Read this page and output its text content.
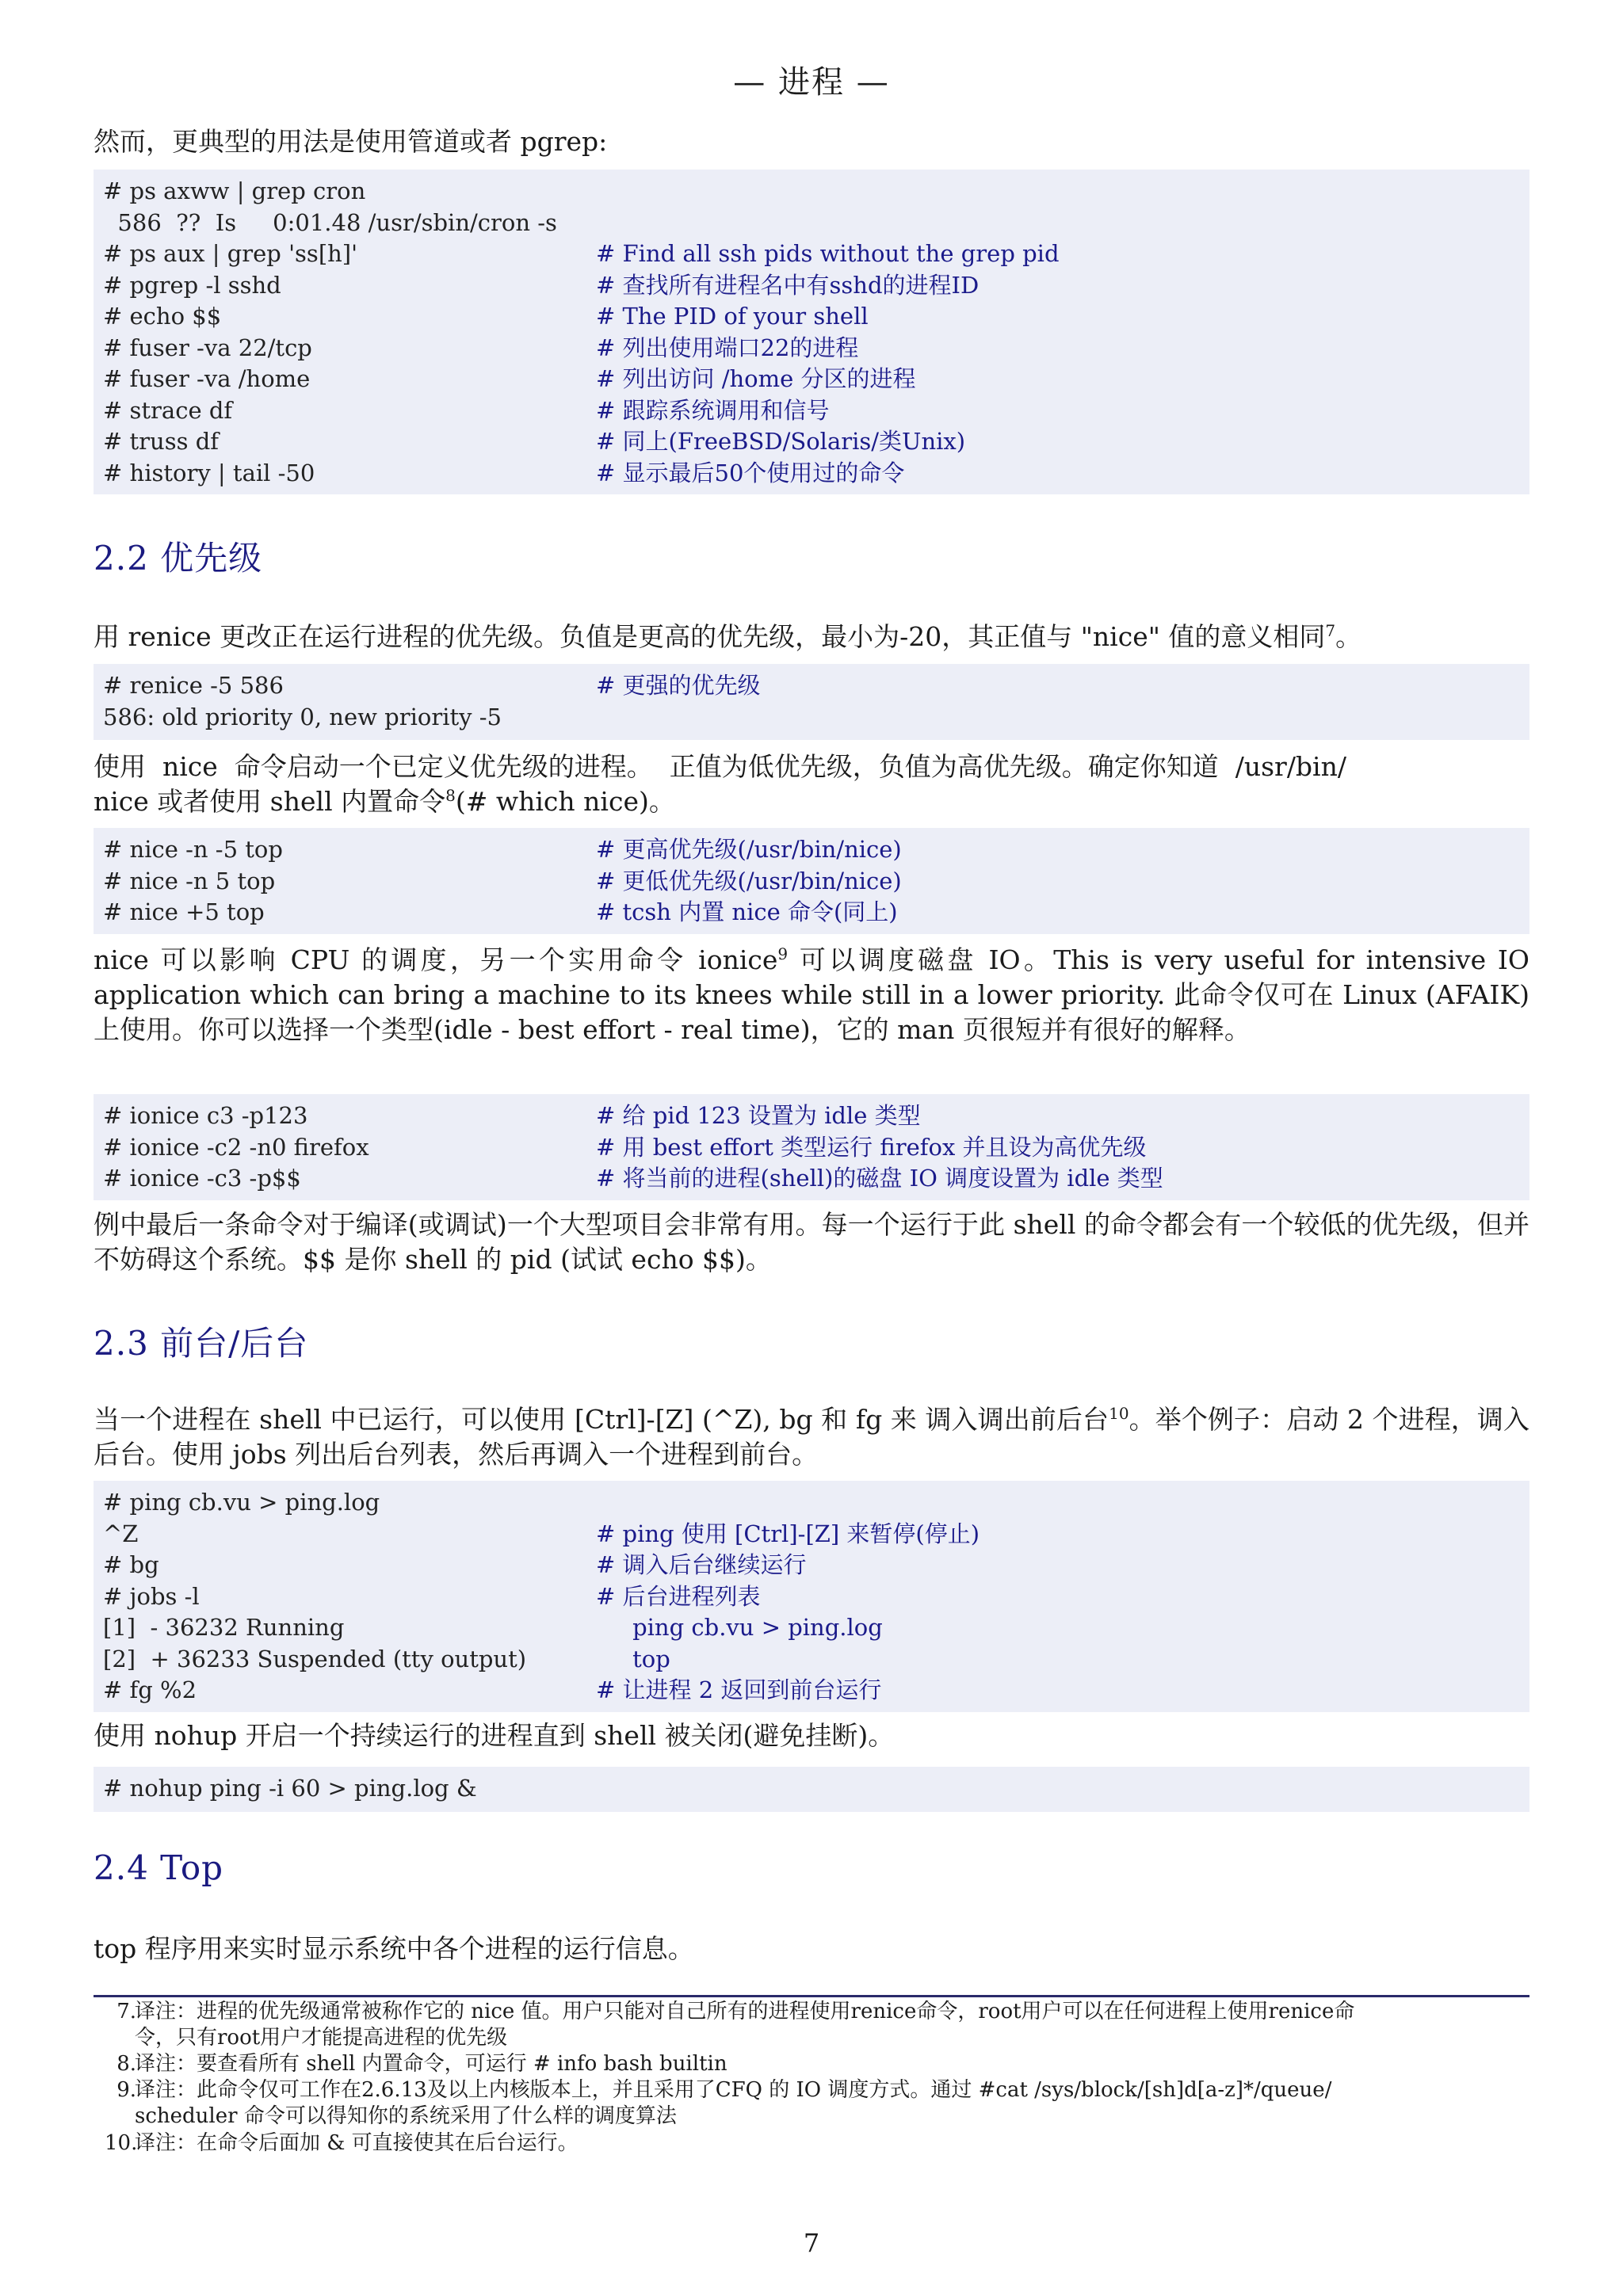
— 进程 —
然而，更典型的用法是使用管道或者 pgrep:
# ps axww | grep cron
586  ??  Is     0:01.48 /usr/sbin/cron -s
# ps aux | grep 'ss[h]'	# Find all ssh pids without the grep pid
# pgrep -l sshd	# 查找所有进程名中有sshd的进程ID
# echo $$	# The PID of your shell
# fuser -va 22/tcp	# 列出使用端口22的进程
# fuser -va /home	# 列出访问 /home 分区的进程
# strace df	# 跟踪系统调用和信号
# truss df	# 同上(FreeBSD/Solaris/类Unix)
# history | tail -50	# 显示最后50个使用过的命令
2.2 优先级
用 renice 更改正在运行进程的优先级。负值是更高的优先级，最小为-20，其正值与 "nice" 值的意义相同$^7$。
# renice -5 586	# 更强的优先级
586: old priority 0, new priority -5
使用  nice  命令启动一个已定义优先级的进程。  正值为低优先级，负值为高优先级。确定你知道  /usr/bin/
nice 或者使用 shell 内置命令$^8$(# which nice)。
# nice -n -5 top	# 更高优先级(/usr/bin/nice)
# nice -n 5 top	# 更低优先级(/usr/bin/nice)
# nice +5 top	# tcsh 内置 nice 命令(同上)
nice 可以影响 CPU 的调度，另一个实用命令 ionice$^9$ 可以调度磁盘 IO。This is very useful for intensive IO application which can bring a machine to its knees while still in a lower priority. 此命令仅可在 Linux (AFAIK) 上使用。你可以选择一个类型(idle - best effort - real time)，它的 man 页很短并有很好的解释。
# ionice c3 -p123	# 给 pid 123 设置为 idle 类型
# ionice -c2 -n0 firefox	# 用 best effort 类型运行 firefox 并且设为高优先级
# ionice -c3 -p$$	# 将当前的进程(shell)的磁盘 IO 调度设置为 idle 类型
例中最后一条命令对于编译(或调试)一个大型项目会非常有用。每一个运行于此 shell 的命令都会有一个较低的优先级，但并不妨碍这个系统。$$ 是你 shell 的 pid (试试 echo $$)。
2.3 前台/后台
当一个进程在 shell 中已运行，可以使用 [Ctrl]-[Z] (^Z), bg 和 fg 来 调入调出前后台$^{10}$。举个例子：启动 2 个进程，调入后台。使用 jobs 列出后台列表，然后再调入一个进程到前台。
# ping cb.vu > ping.log
^Z	# ping 使用 [Ctrl]-[Z] 来暂停(停止)
# bg	# 调入后台继续运行
# jobs -l	# 后台进程列表
[1]  - 36232 Running	ping cb.vu > ping.log
[2]  + 36233 Suspended (tty output)	top
# fg %2	# 让进程 2 返回到前台运行
使用 nohup 开启一个持续运行的进程直到 shell 被关闭(避免挂断)。
# nohup ping -i 60 > ping.log &
2.4 Top
top 程序用来实时显示系统中各个进程的运行信息。
7.
译注：进程的优先级通常被称作它的 nice 值。用户只能对自己所有的进程使用renice命令，root用户可以在任何进程上使用renice命
令，只有root用户才能提高进程的优先级
8.
译注：要查看所有 shell 内置命令，可运行 # info bash builtin
9.
译注：此命令仅可工作在2.6.13及以上内核版本上，并且采用了CFQ 的 IO 调度方式。通过 #cat /sys/block/[sh]d[a-z]*/queue/
scheduler 命令可以得知你的系统采用了什么样的调度算法
10.
译注：在命令后面加 & 可直接使其在后台运行。
7
